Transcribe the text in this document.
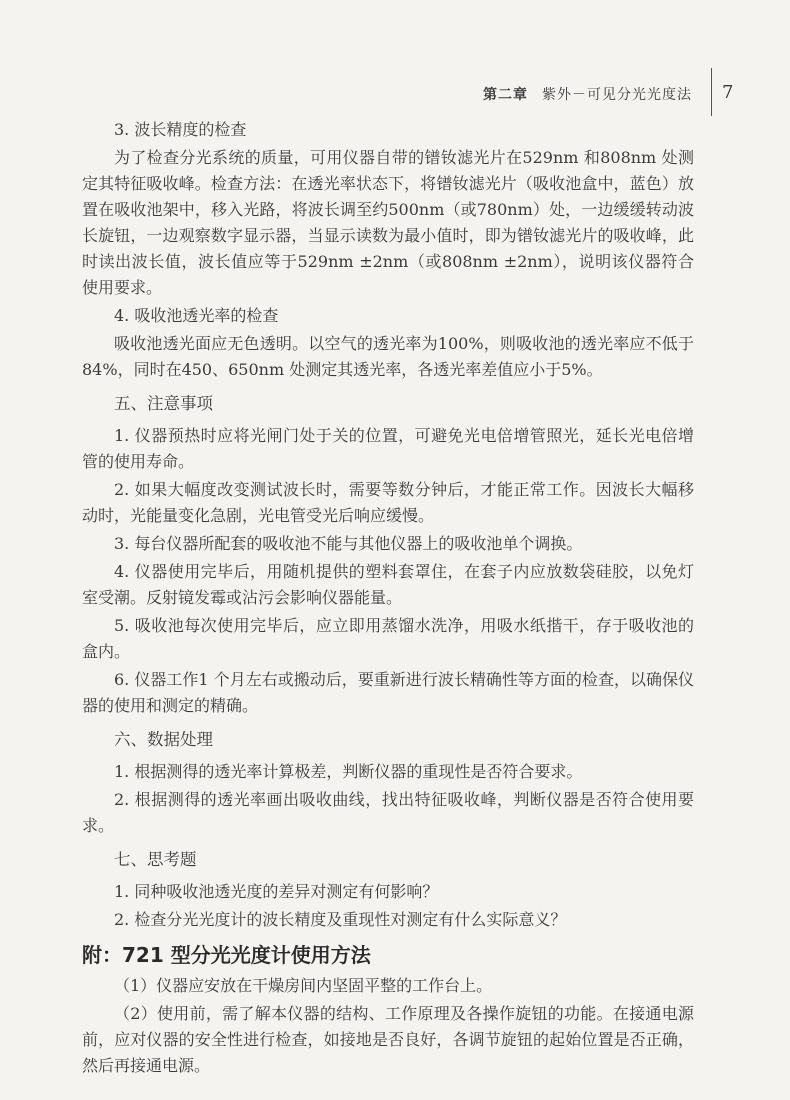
第二章 紫外－可见分光光度法 7

3. 波长精度的检查

为了检查分光系统的质量，可用仪器自带的镨钕滤光片在529nm 和808nm 处测定其特征吸收峰。检查方法：在透光率状态下，将镨钕滤光片（吸收池盒中，蓝色）放置在吸收池架中，移入光路，将波长调至约500nm（或780nm）处，一边缓缓转动波长旋钮，一边观察数字显示器，当显示读数为最小值时，即为镨钕滤光片的吸收峰，此时读出波长值，波长值应等于529nm ±2nm（或808nm ±2nm），说明该仪器符合使用要求。

4. 吸收池透光率的检查

吸收池透光面应无色透明。以空气的透光率为100%，则吸收池的透光率应不低于84%，同时在450、650nm 处测定其透光率，各透光率差值应小于5%。

五、注意事项

1. 仪器预热时应将光闸门处于关的位置，可避免光电倍增管照光，延长光电倍增管的使用寿命。

2. 如果大幅度改变测试波长时，需要等数分钟后，才能正常工作。因波长大幅移动时，光能量变化急剧，光电管受光后响应缓慢。

3. 每台仪器所配套的吸收池不能与其他仪器上的吸收池单个调换。

4. 仪器使用完毕后，用随机提供的塑料套罩住，在套子内应放数袋硅胶，以免灯室受潮。反射镜发霉或沾污会影响仪器能量。

5. 吸收池每次使用完毕后，应立即用蒸馏水洗净，用吸水纸揩干，存于吸收池的盒内。

6. 仪器工作1 个月左右或搬动后，要重新进行波长精确性等方面的检查，以确保仪器的使用和测定的精确。

六、数据处理

1. 根据测得的透光率计算极差，判断仪器的重现性是否符合要求。

2. 根据测得的透光率画出吸收曲线，找出特征吸收峰，判断仪器是否符合使用要求。

七、思考题

1. 同种吸收池透光度的差异对测定有何影响？

2. 检查分光光度计的波长精度及重现性对测定有什么实际意义？

附：721 型分光光度计使用方法

（1）仪器应安放在干燥房间内坚固平整的工作台上。

（2）使用前，需了解本仪器的结构、工作原理及各操作旋钮的功能。在接通电源前，应对仪器的安全性进行检查，如接地是否良好，各调节旋钮的起始位置是否正确，然后再接通电源。
